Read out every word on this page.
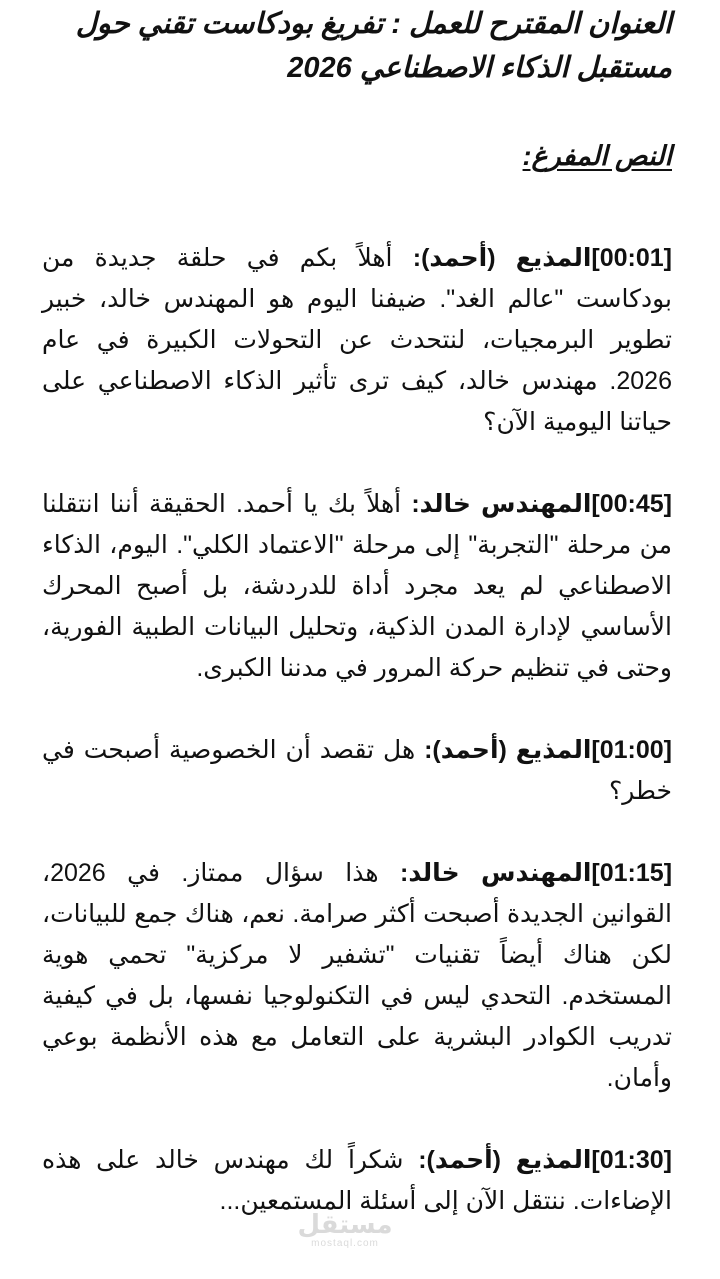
العنوان المقترح للعمل : تفريغ بودكاست تقني حول مستقبل الذكاء الاصطناعي 2026
النص المفرغ:

[00:01]المذيع (أحمد): أهلاً بكم في حلقة جديدة من بودكاست "عالم الغد". ضيفنا اليوم هو المهندس خالد، خبير تطوير البرمجيات، لنتحدث عن التحولات الكبيرة في عام 2026. مهندس خالد، كيف ترى تأثير الذكاء الاصطناعي على حياتنا اليومية الآن؟

[00:45]المهندس خالد: أهلاً بك يا أحمد. الحقيقة أننا انتقلنا من مرحلة "التجربة" إلى مرحلة "الاعتماد الكلي". اليوم، الذكاء الاصطناعي لم يعد مجرد أداة للدردشة، بل أصبح المحرك الأساسي لإدارة المدن الذكية، وتحليل البيانات الطبية الفورية، وحتى في تنظيم حركة المرور في مدننا الكبرى.

[01:00]المذيع (أحمد): هل تقصد أن الخصوصية أصبحت في خطر؟

[01:15]المهندس خالد: هذا سؤال ممتاز. في 2026، القوانين الجديدة أصبحت أكثر صرامة. نعم، هناك جمع للبيانات، لكن هناك أيضاً تقنيات "تشفير لا مركزية" تحمي هوية المستخدم. التحدي ليس في التكنولوجيا نفسها، بل في كيفية تدريب الكوادر البشرية على التعامل مع هذه الأنظمة بوعي وأمان.

[01:30]المذيع (أحمد): شكراً لك مهندس خالد على هذه الإضاءات. ننتقل الآن إلى أسئلة المستمعين...

مستقل
mostaql.com
